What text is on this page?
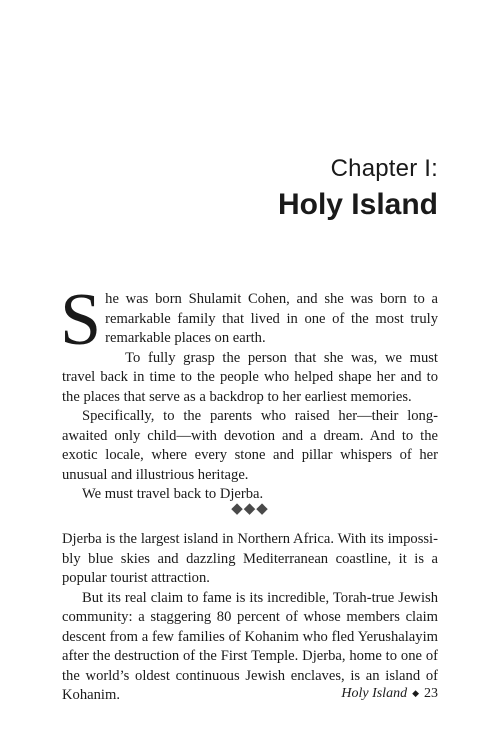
Chapter I:
Holy Island

She was born Shulamit Cohen, and she was born to a remarkable family that lived in one of the most truly remarkable places on earth.

To fully grasp the person that she was, we must travel back in time to the people who helped shape her and to the places that serve as a backdrop to her earliest memories.

Specifically, to the parents who raised her—their long-awaited only child—with devotion and a dream. And to the exotic locale, where every stone and pillar whispers of her unusual and illustrious heritage.

We must travel back to Djerba.

◆◆◆

Djerba is the largest island in Northern Africa. With its impossibly blue skies and dazzling Mediterranean coastline, it is a popular tourist attraction.

But its real claim to fame is its incredible, Torah-true Jewish community: a staggering 80 percent of whose members claim descent from a few families of Kohanim who fled Yerushalayim after the destruction of the First Temple. Djerba, home to one of the world’s oldest continuous Jewish enclaves, is an island of Kohanim.	Holy Island ◆ 23
